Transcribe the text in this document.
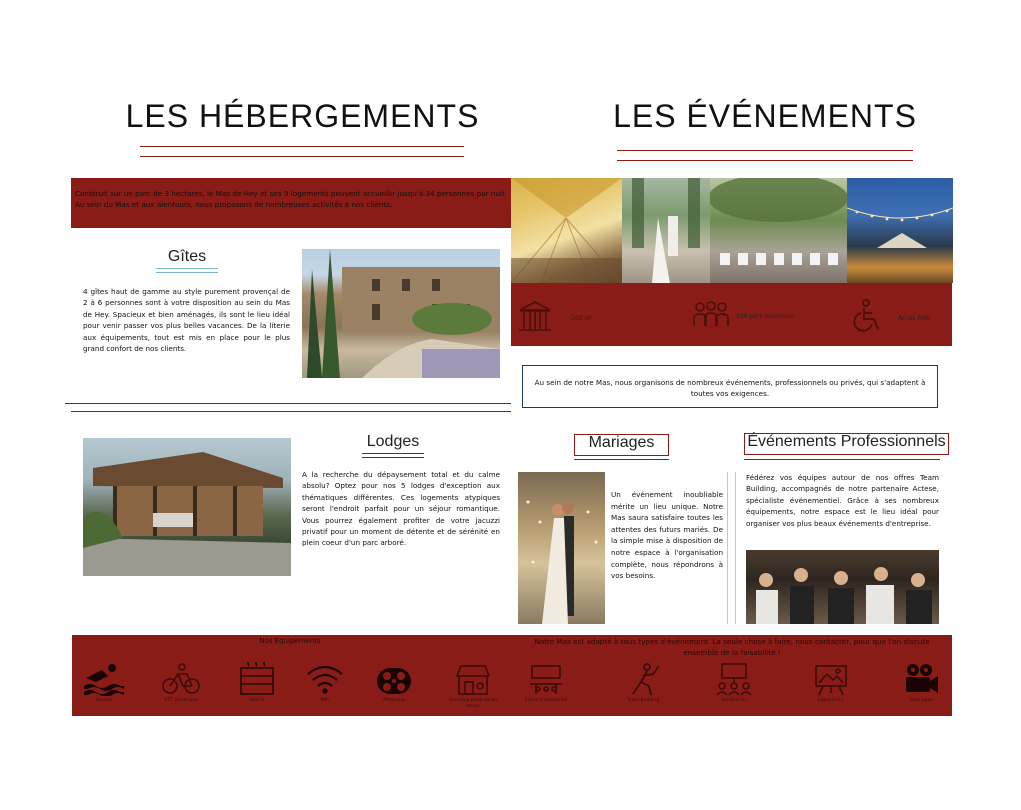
LES HÉBERGEMENTS	LES ÉVÉNEMENTS
Construit sur un parc de 3 hectares, le Mas de Hey et ses 9 logements peuvent accueillir jusqu'à 34 personnes par nuit. Au sein du Mas et aux alentours, nous proposons de nombreuses activités à nos clients.
200 m²	200 pers maximum	Accès PMR
Au sein de notre Mas, nous organisons de nombreux événements, professionnels ou privés, qui s'adaptent à toutes vos exigences.
Gîtes
4 gîtes haut de gamme au style purement provençal de 2 à 6 personnes sont à votre disposition au sein du Mas de Hey. Spacieux et bien aménagés, ils sont le lieu idéal pour venir passer vos plus belles vacances. De la literie aux équipements, tout est mis en place pour le plus grand confort de nos clients.
Lodges
A la recherche du dépaysement total et du calme absolu? Optez pour nos 5 lodges d'exception aux thématiques différentes. Ces logements atypiques seront l'endroit parfait pour un séjour romantique. Vous pourrez également profiter de votre jacuzzi privatif pour un moment de détente et de sérénité en plein coeur d'un parc arboré.
Mariages
Un événement inoubliable mérite un lieu unique. Notre Mas saura satisfaire toutes les attentes des futurs mariés. De la simple mise à disposition de notre espace à l'organisation complète, nous répondrons à vos besoins.
Événements Professionnels
Fédérez vos équipes autour de nos offres Team Building, accompagnés de notre partenaire Actese, spécialiste événementiel. Grâce à ses nombreux équipements, notre espace est le lieu idéal pour organiser vos plus beaux événements d'entreprise.
Nos Equipements	Notre Mas est adapté à tous types d'événement. La seule chose à faire, nous contacter, pour que l'on discute ensemble de la faisabilité !
Piscine	VTT électrique	Sauna	WiFi	Pétanque	Boutique produits du terroir
Salles d'entreprise	Team Building	Séminaires	Expositions	Tournages
